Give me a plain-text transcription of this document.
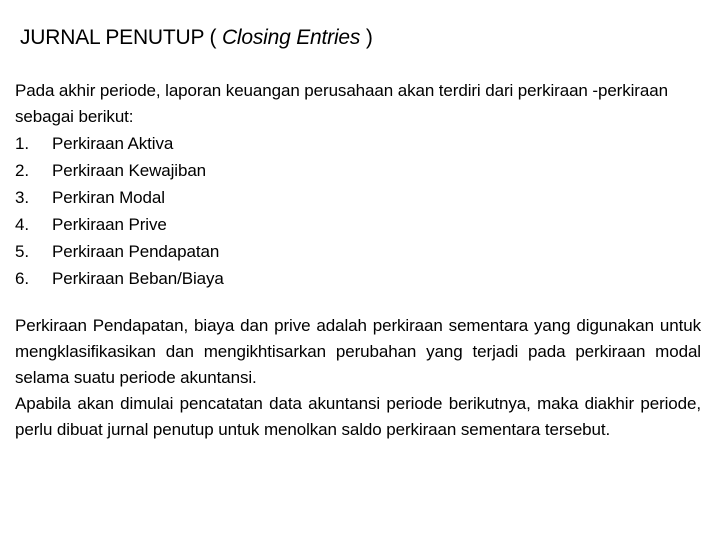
JURNAL PENUTUP ( Closing Entries )

Pada akhir periode, laporan keuangan perusahaan akan terdiri dari perkiraan -perkiraan sebagai berikut:

1.	Perkiraan Aktiva
2.	Perkiraan Kewajiban
3.	Perkiran Modal
4.	Perkiraan Prive
5.	Perkiraan Pendapatan
6.	Perkiraan Beban/Biaya

Perkiraan Pendapatan, biaya dan prive adalah perkiraan sementara yang digunakan untuk mengklasifikasikan dan mengikhtisarkan perubahan yang terjadi pada perkiraan modal selama suatu periode akuntansi.

Apabila akan dimulai pencatatan data akuntansi periode berikutnya, maka diakhir periode, perlu dibuat jurnal penutup untuk menolkan saldo perkiraan sementara tersebut.
